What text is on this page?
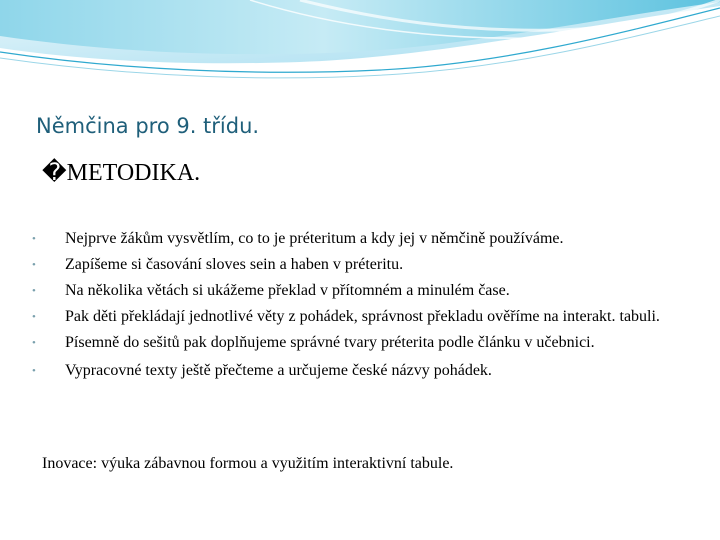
Němčina pro 9. třídu.
�METODIKA.
• Nejprve žákům vysvětlím, co to je préteritum a kdy jej v němčině používáme.
• Zapíšeme si časování sloves sein a haben v préteritu.
• Na několika větách si ukážeme překlad v přítomném a minulém čase.
• Pak děti překládají jednotlivé věty z pohádek, správnost překladu ověříme na interakt. tabuli.
• Písemně do sešitů pak doplňujeme správné tvary préterita podle článku v učebnici.
• Vypracovné texty ještě přečteme a určujeme české názvy pohádek.

Inovace: výuka zábavnou formou a využitím interaktivní tabule.
